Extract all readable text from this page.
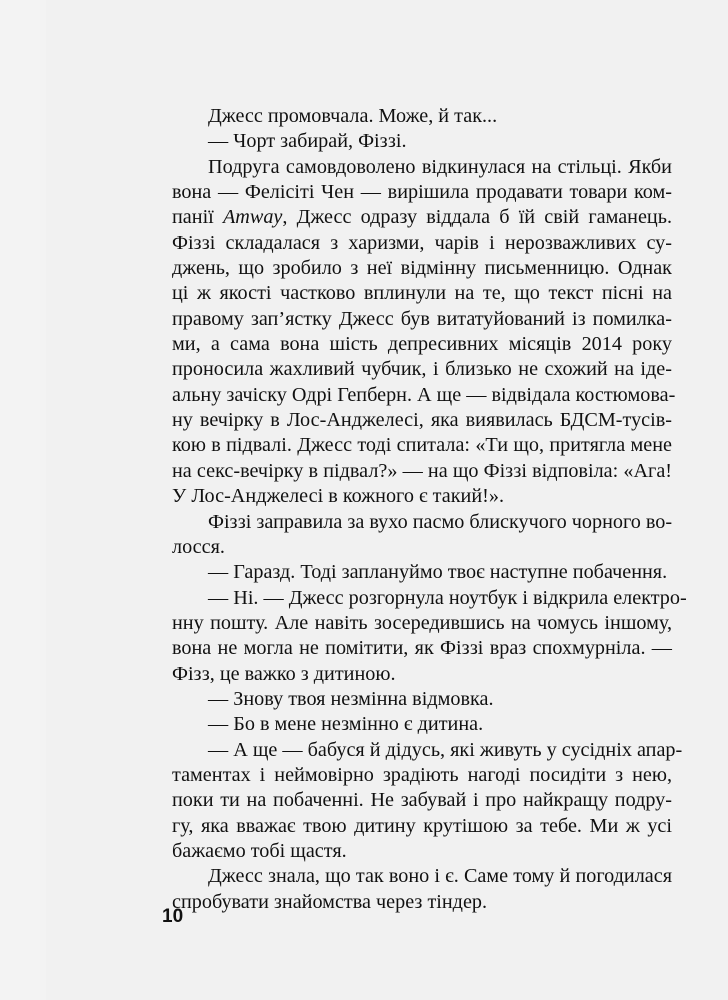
Джесс промовчала. Може, й так...
— Чорт забирай, Фіззі.
Подруга самовдоволено відкинулася на стільці. Якби
вона — Фелісіті Чен — вирішила продавати товари ком-
панії Amway, Джесс одразу віддала б їй свій гаманець.
Фіззі складалася з харизми, чарів і нерозважливих су-
джень, що зробило з неї відмінну письменницю. Однак
ці ж якості частково вплинули на те, що текст пісні на
правому зап’ястку Джесс був витатуйований із помилка-
ми, а сама вона шість депресивних місяців 2014 року
проносила жахливий чубчик, і близько не схожий на іде-
альну зачіску Одрі Гепберн. А ще — відвідала костюмова-
ну вечірку в Лос-Анджелесі, яка виявилась БДСМ-тусів-
кою в підвалі. Джесс тоді спитала: «Ти що, притягла мене
на секс-вечірку в підвал?» — на що Фіззі відповіла: «Ага!
У Лос-Анджелесі в кожного є такий!».
Фіззі заправила за вухо пасмо блискучого чорного во-
лосся.
— Гаразд. Тоді заплануймо твоє наступне побачення.
— Ні. — Джесс розгорнула ноутбук і відкрила електро-
нну пошту. Але навіть зосередившись на чомусь іншому,
вона не могла не помітити, як Фіззі враз спохмурніла. —
Фізз, це важко з дитиною.
— Знову твоя незмінна відмовка.
— Бо в мене незмінно є дитина.
— А ще — бабуся й дідусь, які живуть у сусідніх апар-
таментах і неймовірно зрадіють нагоді посидіти з нею,
поки ти на побаченні. Не забувай і про найкращу подру-
гу, яка вважає твою дитину крутішою за тебе. Ми ж усі
бажаємо тобі щастя.
Джесс знала, що так воно і є. Саме тому й погодилася
спробувати знайомства через тіндер.
10
